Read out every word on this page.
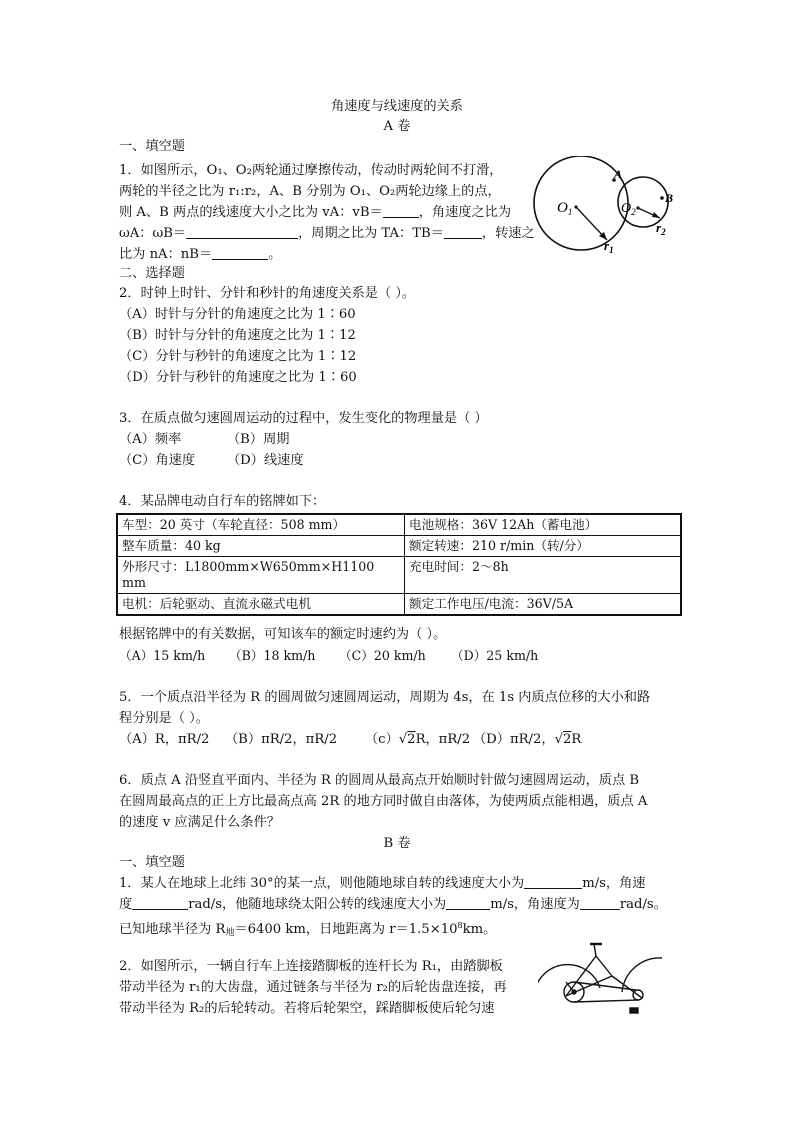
角速度与线速度的关系
A 卷
一、填空题
1．如图所示，O₁、O₂两轮通过摩擦传动，传动时两轮间不打滑，
两轮的半径之比为 r₁:r₂，A、B 分别为 O₁、O₂两轮边缘上的点，
则 A、B 两点的线速度大小之比为 vA：vB＝	，角速度之比为
ωA：ωB＝	，周期之比为 TA：TB＝	，转速之
比为 nA：nB＝	。
$O_1$	$O_2$
A
B
$r_1$
$r_2$
二、选择题
2．时钟上时针、分针和秒针的角速度关系是（ ）。
（A）时针与分针的角速度之比为 1∶60
（B）时针与分针的角速度之比为 1∶12
（C）分针与秒针的角速度之比为 1∶12
（D）分针与秒针的角速度之比为 1∶60
3．在质点做匀速圆周运动的过程中，发生变化的物理量是（ ）
（A）频率	（B）周期
（C）角速度 （D）线速度
4．某品牌电动自行车的铭牌如下：
车型：20 英寸（车轮直径：508 mm）	电池规格：36V 12Ah（蓄电池）
整车质量：40 kg	额定转速：210 r/min（转/分）
外形尺寸：L1800mm×W650mm×H1100 mm	充电时间：2～8h
电机：后轮驱动、直流永磁式电机	额定工作电压/电流：36V/5A
根据铭牌中的有关数据，可知该车的额定时速约为（ ）。
（A）15 km/h （B）18 km/h （C）20 km/h （D）25 km/h
5．一个质点沿半径为 R 的圆周做匀速圆周运动，周期为 4s，在 1s 内质点位移的大小和路
程分别是（ ）。
（A）R，πR/2 （B）πR/2，πR/2 （c）√2R，πR/2 （D）πR/2，√2R
6．质点 A 沿竖直平面内、半径为 R 的圆周从最高点开始顺时针做匀速圆周运动，质点 B
在圆周最高点的正上方比最高点高 2R 的地方同时做自由落体，为使两质点能相遇，质点 A
的速度 v 应满足什么条件？
B 卷
一、填空题
1．某人在地球上北纬 30°的某一点，则他随地球自转的线速度大小为	m/s，角速
度	rad/s，他随地球绕太阳公转的线速度大小为	m/s，角速度为	rad/s。
已知地球半径为 $R_地=6400$ km，日地距离为 $r=1.5\times 10^8km$。
2．如图所示，一辆自行车上连接踏脚板的连杆长为 R₁，由踏脚板
带动半径为 r₁的大齿盘，通过链条与半径为 r₂的后轮齿盘连接，再
带动半径为 R₂的后轮转动。若将后轮架空，踩踏脚板使后轮匀速
